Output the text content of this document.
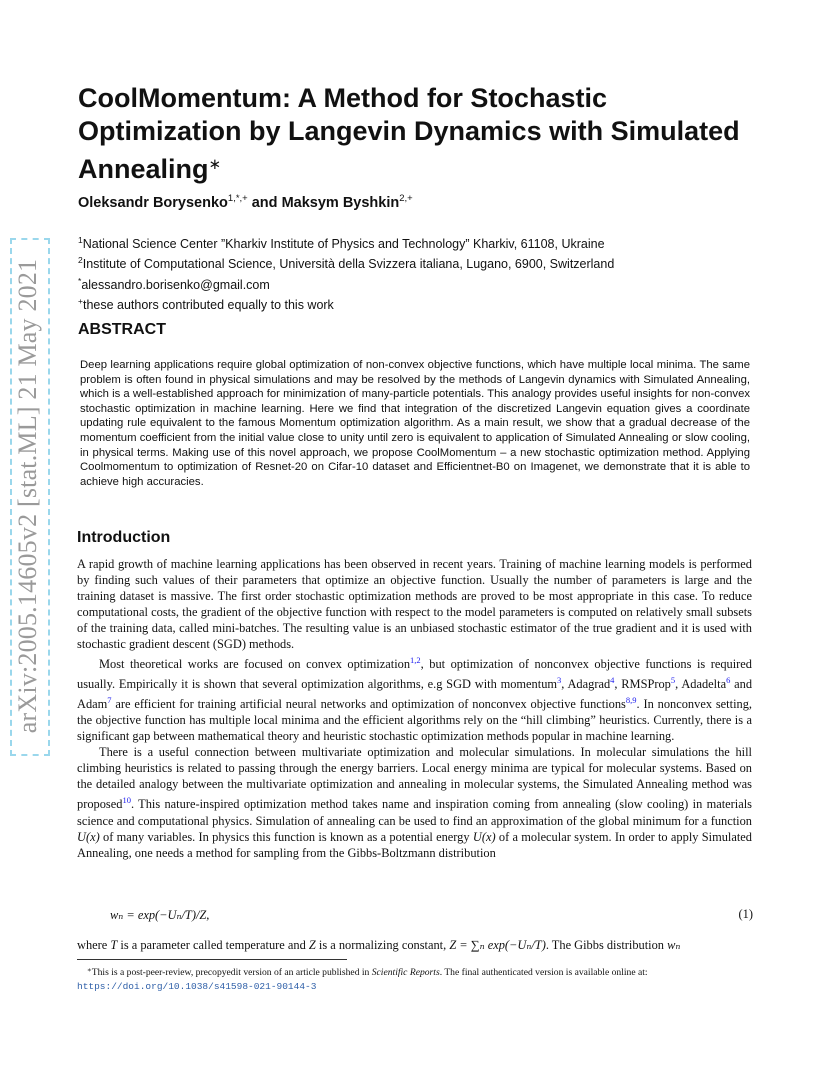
arXiv:2005.14605v2 [stat.ML] 21 May 2021
CoolMomentum: A Method for Stochastic
Optimization by Langevin Dynamics with Simulated
Annealing∗
Oleksandr Borysenko$^{1,*,+}$ and Maksym Byshkin$^{2,+}$
$^1$National Science Center ”Kharkiv Institute of Physics and Technology” Kharkiv, 61108, Ukraine
$^2$Institute of Computational Science, Università della Svizzera italiana, Lugano, 6900, Switzerland
*alessandro.borisenko@gmail.com
+these authors contributed equally to this work
ABSTRACT
Deep learning applications require global optimization of non-convex objective functions, which have multiple local minima. The same problem is often found in physical simulations and may be resolved by the methods of Langevin dynamics with Simulated Annealing, which is a well-established approach for minimization of many-particle potentials. This analogy provides useful insights for non-convex stochastic optimization in machine learning. Here we find that integration of the discretized Langevin equation gives a coordinate updating rule equivalent to the famous Momentum optimization algorithm. As a main result, we show that a gradual decrease of the momentum coefficient from the initial value close to unity until zero is equivalent to application of Simulated Annealing or slow cooling, in physical terms. Making use of this novel approach, we propose CoolMomentum – a new stochastic optimization method. Applying Coolmomentum to optimization of Resnet-20 on Cifar-10 dataset and Efficientnet-B0 on Imagenet, we demonstrate that it is able to achieve high accuracies.
Introduction

A rapid growth of machine learning applications has been observed in recent years. Training of machine learning models is performed by finding such values of their parameters that optimize an objective function. Usually the number of parameters is large and the training dataset is massive. The first order stochastic optimization methods are proved to be most appropriate in this case. To reduce computational costs, the gradient of the objective function with respect to the model parameters is computed on relatively small subsets of the training data, called mini-batches. The resulting value is an unbiased stochastic estimator of the true gradient and it is used with stochastic gradient descent (SGD) methods.

Most theoretical works are focused on convex optimization$^{1,2}$, but optimization of nonconvex objective functions is required usually. Empirically it is shown that several optimization algorithms, e.g SGD with momentum$^3$, Adagrad$^4$, RMSProp$^5$, Adadelta$^6$ and Adam$^7$ are efficient for training artificial neural networks and optimization of nonconvex objective functions$^{8,9}$. In nonconvex setting, the objective function has multiple local minima and the efficient algorithms rely on the “hill climbing” heuristics. Currently, there is a significant gap between mathematical theory and heuristic stochastic optimization methods popular in machine learning.

There is a useful connection between multivariate optimization and molecular simulations. In molecular simulations the hill climbing heuristics is related to passing through the energy barriers. Local energy minima are typical for molecular systems. Based on the detailed analogy between the multivariate optimization and annealing in molecular systems, the Simulated Annealing method was proposed$^{10}$. This nature-inspired optimization method takes name and inspiration coming from annealing (slow cooling) in materials science and computational physics. Simulation of annealing can be used to find an approximation of the global minimum for a function U(x) of many variables. In physics this function is known as a potential energy U(x) of a molecular system. In order to apply Simulated Annealing, one needs a method for sampling from the Gibbs-Boltzmann distribution

wₙ = exp(−Uₙ/T)/Z,	(1)
where T is a parameter called temperature and Z is a normalizing constant, Z = ∑ₙ exp(−Uₙ/T). The Gibbs distribution wₙ
∗This is a post-peer-review, precopyedit version of an article published in Scientific Reports. The final authenticated version is available online at:
https://doi.org/10.1038/s41598-021-90144-3
